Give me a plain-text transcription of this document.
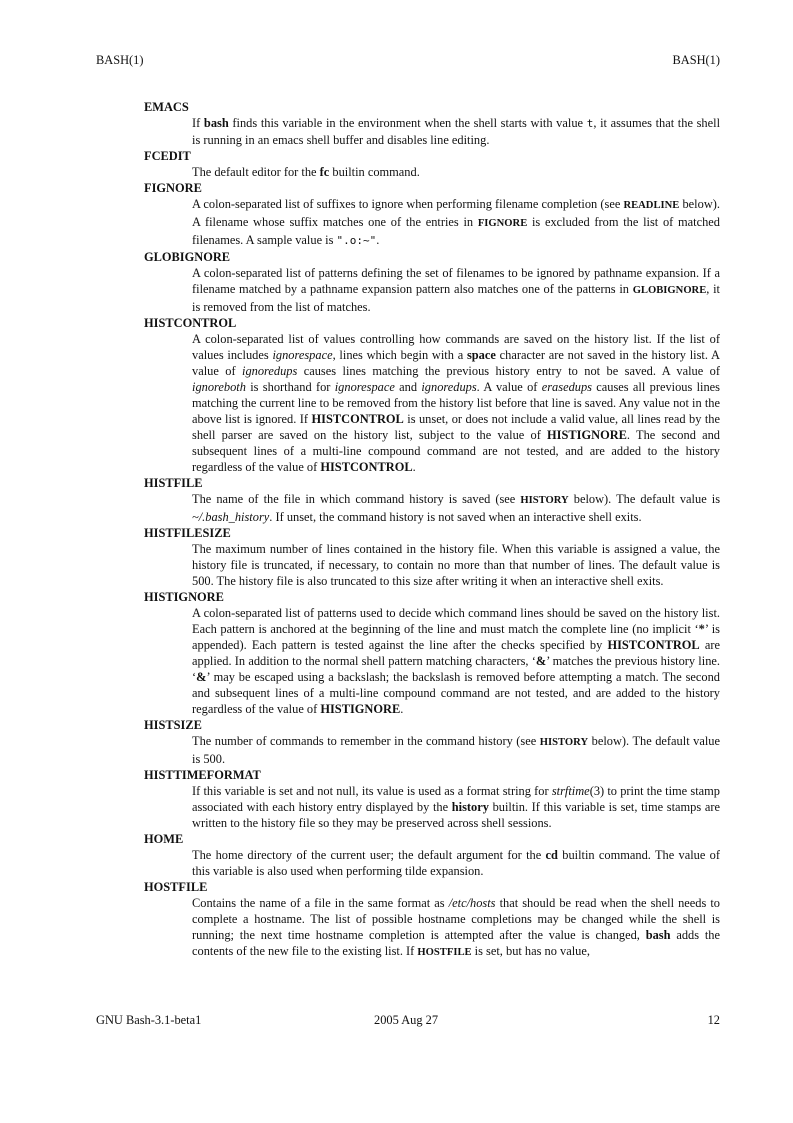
BASH(1)	BASH(1)
EMACS
If bash finds this variable in the environment when the shell starts with value t, it assumes that the shell is running in an emacs shell buffer and disables line editing.
FCEDIT
The default editor for the fc builtin command.
FIGNORE
A colon-separated list of suffixes to ignore when performing filename completion (see READLINE below). A filename whose suffix matches one of the entries in FIGNORE is excluded from the list of matched filenames. A sample value is ".o:~".
GLOBIGNORE
A colon-separated list of patterns defining the set of filenames to be ignored by pathname expansion. If a filename matched by a pathname expansion pattern also matches one of the patterns in GLOBIGNORE, it is removed from the list of matches.
HISTCONTROL
A colon-separated list of values controlling how commands are saved on the history list. If the list of values includes ignorespace, lines which begin with a space character are not saved in the history list. A value of ignoredups causes lines matching the previous history entry to not be saved. A value of ignoreboth is shorthand for ignorespace and ignoredups. A value of erasedups causes all previous lines matching the current line to be removed from the history list before that line is saved. Any value not in the above list is ignored. If HISTCONTROL is unset, or does not include a valid value, all lines read by the shell parser are saved on the history list, subject to the value of HISTIGNORE. The second and subsequent lines of a multi-line compound command are not tested, and are added to the history regardless of the value of HISTCONTROL.
HISTFILE
The name of the file in which command history is saved (see HISTORY below). The default value is ~/.bash_history. If unset, the command history is not saved when an interactive shell exits.
HISTFILESIZE
The maximum number of lines contained in the history file. When this variable is assigned a value, the history file is truncated, if necessary, to contain no more than that number of lines. The default value is 500. The history file is also truncated to this size after writing it when an interactive shell exits.
HISTIGNORE
A colon-separated list of patterns used to decide which command lines should be saved on the history list. Each pattern is anchored at the beginning of the line and must match the complete line (no implicit ‘*’ is appended). Each pattern is tested against the line after the checks specified by HISTCONTROL are applied. In addition to the normal shell pattern matching characters, ‘&’ matches the previous history line. ‘&’ may be escaped using a backslash; the backslash is removed before attempting a match. The second and subsequent lines of a multi-line compound command are not tested, and are added to the history regardless of the value of HISTIGNORE.
HISTSIZE
The number of commands to remember in the command history (see HISTORY below). The default value is 500.
HISTTIMEFORMAT
If this variable is set and not null, its value is used as a format string for strftime(3) to print the time stamp associated with each history entry displayed by the history builtin. If this variable is set, time stamps are written to the history file so they may be preserved across shell sessions.
HOME
The home directory of the current user; the default argument for the cd builtin command. The value of this variable is also used when performing tilde expansion.
HOSTFILE
Contains the name of a file in the same format as /etc/hosts that should be read when the shell needs to complete a hostname. The list of possible hostname completions may be changed while the shell is running; the next time hostname completion is attempted after the value is changed, bash adds the contents of the new file to the existing list. If HOSTFILE is set, but has no value,
GNU Bash-3.1-beta1	2005 Aug 27	12
